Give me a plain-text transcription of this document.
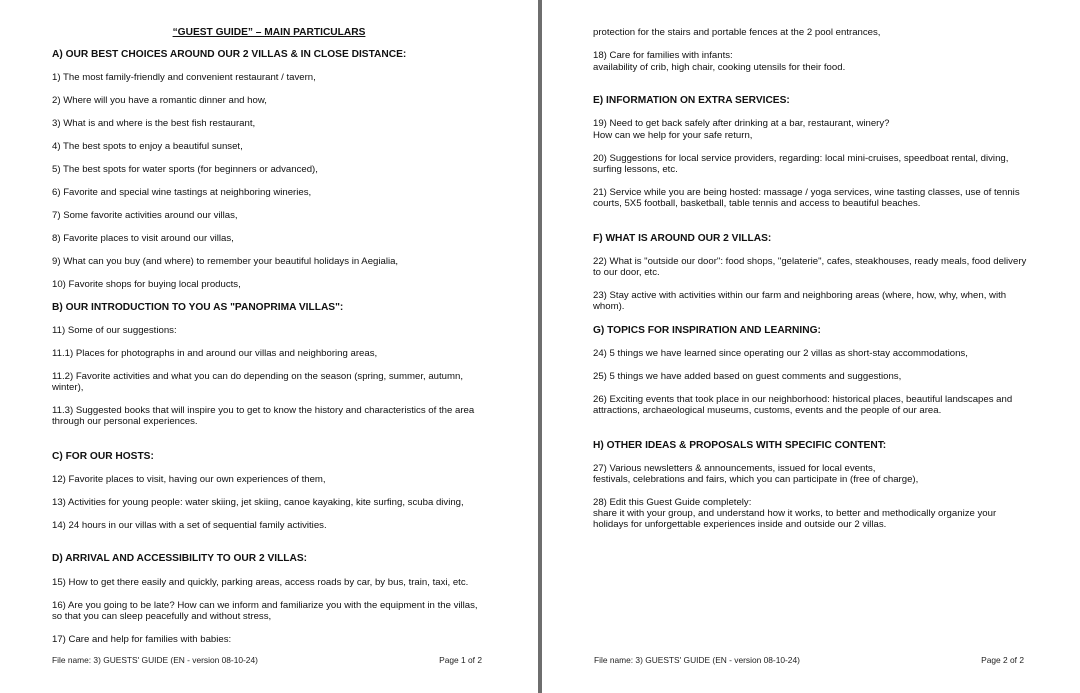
“GUEST GUIDE” – MAIN PARTICULARS
A) OUR BEST CHOICES AROUND OUR 2 VILLAS & IN CLOSE DISTANCE:
1) The most family-friendly and convenient restaurant / tavern,
2) Where will you have a romantic dinner and how,
3) What is and where is the best fish restaurant,
4) The best spots to enjoy a beautiful sunset,
5) The best spots for water sports (for beginners or advanced),
6) Favorite and special wine tastings at neighboring wineries,
7) Some favorite activities around our villas,
8) Favorite places to visit around our villas,
9) What can you buy (and where) to remember your beautiful holidays in Aegialia,
10) Favorite shops for buying local products,
B) OUR INTRODUCTION TO YOU AS "PANOPRIMA VILLAS":
11) Some of our suggestions:
11.1) Places for photographs in and around our villas and neighboring areas,
11.2) Favorite activities and what you can do depending on the season (spring, summer, autumn, winter),
11.3) Suggested books that will inspire you to get to know the history and characteristics of the area through our personal experiences.
C) FOR OUR HOSTS:
12) Favorite places to visit, having our own experiences of them,
13) Activities for young people: water skiing, jet skiing, canoe kayaking, kite surfing, scuba diving,
14) 24 hours in our villas with a set of sequential family activities.
D) ARRIVAL AND ACCESSIBILITY TO OUR 2 VILLAS:
15) How to get there easily and quickly, parking areas, access roads by car, by bus, train, taxi, etc.
16) Are you going to be late? How can we inform and familiarize you with the equipment in the villas, so that you can sleep peacefully and without stress,
17) Care and help for families with babies:
File name: 3) GUESTS' GUIDE (EN - version 08-10-24)	Page 1 of 2
protection for the stairs and portable fences at the 2 pool entrances,
18) Care for families with infants:
availability of crib, high chair, cooking utensils for their food.
E) INFORMATION ON EXTRA SERVICES:
19) Need to get back safely after drinking at a bar, restaurant, winery?
How can we help for your safe return,
20) Suggestions for local service providers, regarding: local mini-cruises, speedboat rental, diving, surfing lessons, etc.
21) Service while you are being hosted: massage / yoga services, wine tasting classes, use of tennis courts, 5X5 football, basketball, table tennis and access to beautiful beaches.
F) WHAT IS AROUND OUR 2 VILLAS:
22) What is "outside our door": food shops, "gelaterie", cafes, steakhouses, ready meals, food delivery to our door, etc.
23) Stay active with activities within our farm and neighboring areas (where, how, why, when, with whom).
G) TOPICS FOR INSPIRATION AND LEARNING:
24) 5 things we have learned since operating our 2 villas as short-stay accommodations,
25) 5 things we have added based on guest comments and suggestions,
26) Exciting events that took place in our neighborhood: historical places, beautiful landscapes and attractions, archaeological museums, customs, events and the people of our area.
H) OTHER IDEAS & PROPOSALS WITH SPECIFIC CONTENT:
27) Various newsletters & announcements, issued for local events,
festivals, celebrations and fairs, which you can participate in (free of charge),
28) Edit this Guest Guide completely:
share it with your group, and understand how it works, to better and methodically organize your holidays for unforgettable experiences inside and outside our 2 villas.
File name: 3) GUESTS' GUIDE (EN - version 08-10-24)	Page 2 of 2
